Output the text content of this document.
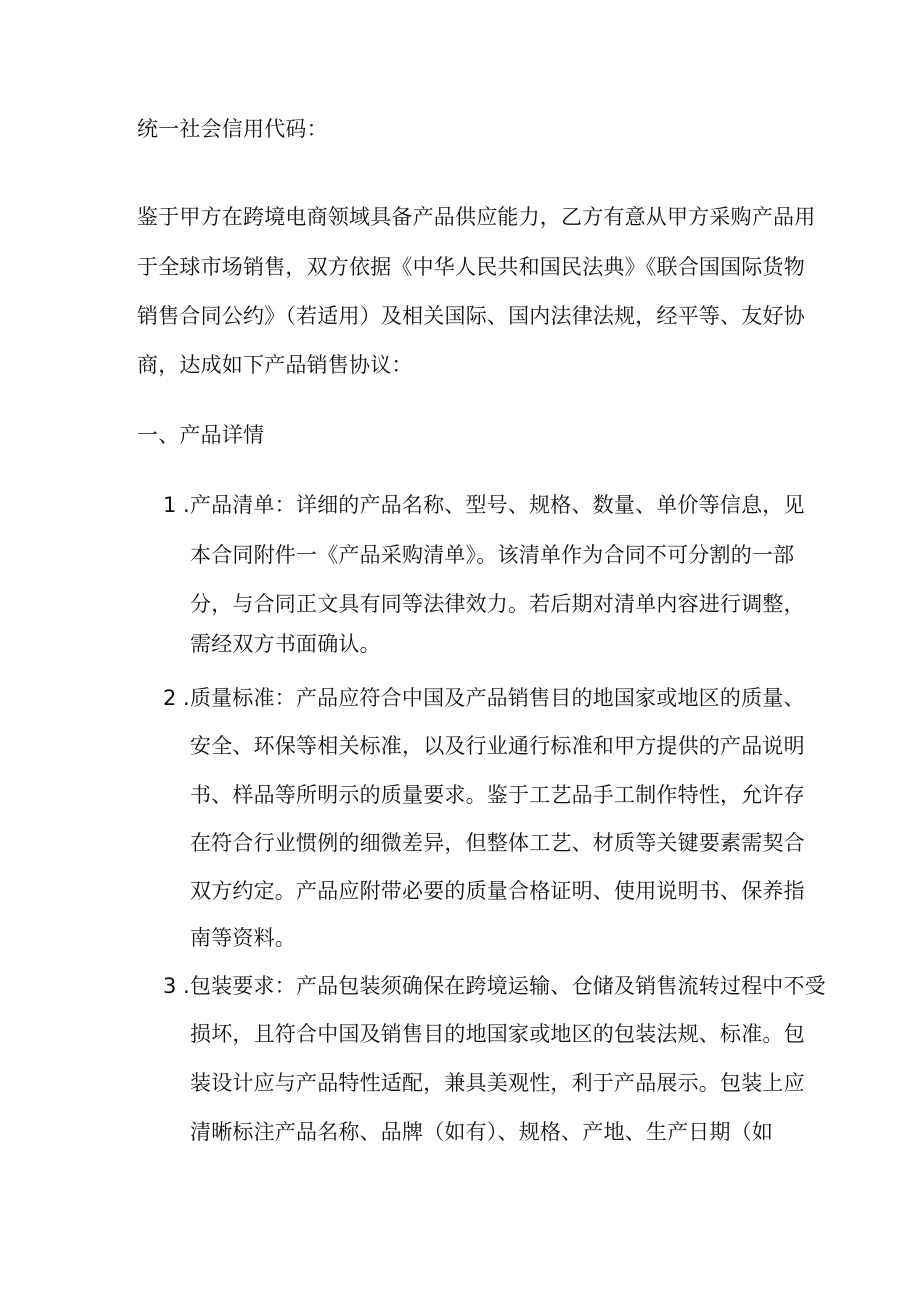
统一社会信用代码：
鉴于甲方在跨境电商领域具备产品供应能力，乙方有意从甲方采购产品用
于全球市场销售，双方依据《中华人民共和国民法典》《联合国国际货物
销售合同公约》（若适用）及相关国际、国内法律法规，经平等、友好协
商，达成如下产品销售协议：
一、产品详情
1 .产品清单：详细的产品名称、型号、规格、数量、单价等信息，见
本合同附件一《产品采购清单》。该清单作为合同不可分割的一部
分，与合同正文具有同等法律效力。若后期对清单内容进行调整，
需经双方书面确认。
2 .质量标准：产品应符合中国及产品销售目的地国家或地区的质量、
安全、环保等相关标准，以及行业通行标准和甲方提供的产品说明
书、样品等所明示的质量要求。鉴于工艺品手工制作特性，允许存
在符合行业惯例的细微差异，但整体工艺、材质等关键要素需契合
双方约定。产品应附带必要的质量合格证明、使用说明书、保养指
南等资料。
3 .包装要求：产品包装须确保在跨境运输、仓储及销售流转过程中不受
损坏，且符合中国及销售目的地国家或地区的包装法规、标准。包
装设计应与产品特性适配，兼具美观性，利于产品展示。包装上应
清晰标注产品名称、品牌（如有）、规格、产地、生产日期（如
